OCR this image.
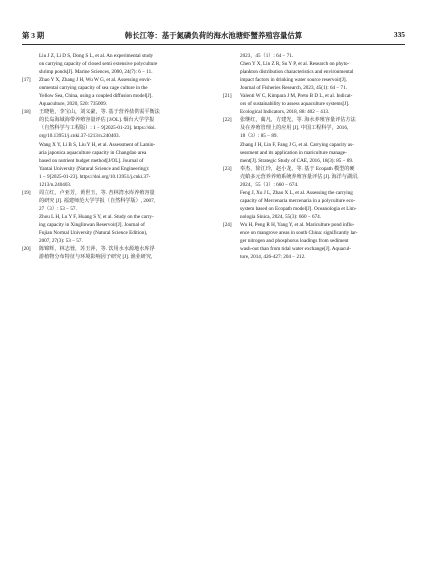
第 3 期	韩长江等：基于氮磷负荷的海水池塘虾蟹养殖容量估算	335
Liu J Z, Li D S, Dong S L, et al. An experimental study
on carrying capacity of closed semi extensive polyculture
shrimp ponds[J]. Marine Sciences, 2000, 24(7): 6 − 11.
[17] Zhao Y X, Zhang J H, Wu W G, et al. Assessing envir-
onmental carrying capacity of sea cage culture in the
Yellow Sea, China, using a coupled diffusion model[J].
Aquaculture, 2020, 520: 735009.
[18] 王晓艳，李宝山，刘义豪，等. 基于营养盐供需平衡法
的长岛海域海带养殖容量评估 [J/OL]. 烟台大学学报
（自然科学与工程版）: 1 − 9[2025-01-23]. https://doi.
org/10.13951/j.cnki.37-1213/n.240403.
Wang X Y, Li B S, Liu Y H, et al. Assessment of Lamin-
aria japonica aquaculture capacity in Changdao area
based on nutrient budget method[J/OL]. Journal of
Yantai University (Natural Science and Engineering):
1 − 9[2025-01-23]. https://doi.org/10.13951/j.cnki.37-
1213/n.240403.
[19] 周立红，卢亚芳，黄世玉，等. 杏林湾水库养殖容量
的研究 [J]. 福建师范大学学报（自然科学版）, 2007,
27（3）: 53 − 57.
Zhou L H, Lu Y F, Huang S Y, et al. Study on the carry-
ing capacity in Xinglinwan Reservoir[J]. Journal of
Fujian Normal University (Natural Science Edition),
2007, 27(3): 53 − 57.
[20] 陈锦辉，林志蓉，苏玉萍，等. 饮用水水源地水库浮
游植物分布特征与环境影响因子研究 [J]. 渔业研究,
2023，45（1）: 64 − 71.
Chen Y X, Lin Z R, Su Y P, et al. Research on phyto-
plankton distribution characteristics and environmental
impact factors in drinking water source reservoir[J].
Journal of Fisheries Research, 2023, 45(1): 64 − 71.
[21] Valenti W C, Kimpara J M, Preto B D L, et al. Indicat-
ors of sustainability to assess aquaculture systems[J].
Ecological Indicators, 2018, 88: 402 − 413.
[22] 张继红，蔺凡，方建光，等. 海水养殖容量评估方法
及在养殖管理上的应用 [J]. 中国工程科学，2016,
18（3）: 85 − 89.
Zhang J H, Lin F, Fang J G, et al. Carrying capacity as-
sessment and its application in mariculture manage-
ment[J]. Strategic Study of CAE, 2016, 18(3): 85 − 89.
[23] 奉杰，徐江玲，赵小龙，等. 基于 Ecopath 模型的硬
壳蛤多元营养养殖系统养殖容量评估 [J]. 海洋与湖沼,
2024，55（3）: 660 − 674.
Feng J, Xu J L, Zhao X L, et al. Assessing the carrying
capacity of Mercenaria mercenaria in a polyculture eco-
system based on Ecopath model[J]. Oceanologia et Lim-
nologia Sinica, 2024, 55(3): 660 − 674.
[24] Wu H, Peng R H, Yang Y, et al. Mariculture pond influ-
ence on mangrove areas in south China: significantly lar-
ger nitrogen and phosphorus loadings from sediment
wash-out than from tidal water exchange[J]. Aquacul-
ture, 2014, 426-427: 204 − 212.
